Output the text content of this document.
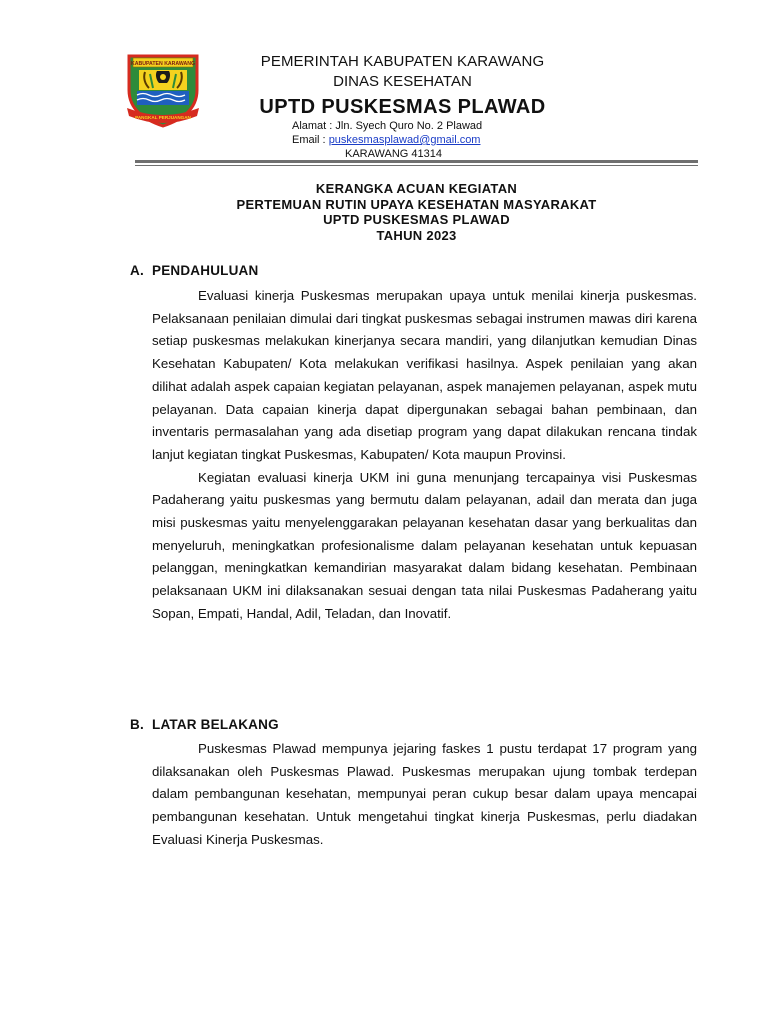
KABUPATEN KARAWANG
PANGKAL PERJUANGAN
PEMERINTAH KABUPATEN KARAWANG
DINAS KESEHATAN
UPTD PUSKESMAS PLAWAD
Alamat : Jln. Syech Quro No. 2 Plawad
Email : puskesmasplawad@gmail.com
KARAWANG 41314
KERANGKA ACUAN KEGIATAN
PERTEMUAN RUTIN UPAYA KESEHATAN MASYARAKAT
UPTD PUSKESMAS PLAWAD
TAHUN 2023
A. PENDAHULUAN

Evaluasi kinerja Puskesmas merupakan upaya untuk menilai kinerja puskesmas. Pelaksanaan penilaian dimulai dari tingkat puskesmas sebagai instrumen mawas diri karena setiap puskesmas melakukan kinerjanya secara mandiri, yang dilanjutkan kemudian Dinas Kesehatan Kabupaten/ Kota melakukan verifikasi hasilnya. Aspek penilaian yang akan dilihat adalah aspek capaian kegiatan pelayanan, aspek manajemen pelayanan, aspek mutu pelayanan. Data capaian kinerja dapat dipergunakan sebagai bahan pembinaan, dan inventaris permasalahan yang ada disetiap program yang dapat dilakukan rencana tindak lanjut kegiatan tingkat Puskesmas, Kabupaten/ Kota maupun Provinsi.

Kegiatan evaluasi kinerja UKM ini guna menunjang tercapainya visi Puskesmas Padaherang yaitu puskesmas yang bermutu dalam pelayanan, adail dan merata dan juga misi puskesmas yaitu menyelenggarakan pelayanan kesehatan dasar yang berkualitas dan menyeluruh, meningkatkan profesionalisme dalam pelayanan kesehatan untuk kepuasan pelanggan, meningkatkan kemandirian masyarakat dalam bidang kesehatan. Pembinaan pelaksanaan UKM ini dilaksanakan sesuai dengan tata nilai Puskesmas Padaherang yaitu Sopan, Empati, Handal, Adil, Teladan, dan Inovatif.

B. LATAR BELAKANG

Puskesmas Plawad mempunya jejaring faskes 1 pustu terdapat 17 program yang dilaksanakan oleh Puskesmas Plawad. Puskesmas merupakan ujung tombak terdepan dalam pembangunan kesehatan, mempunyai peran cukup besar dalam upaya mencapai pembangunan kesehatan. Untuk mengetahui tingkat kinerja Puskesmas, perlu diadakan Evaluasi Kinerja Puskesmas.
